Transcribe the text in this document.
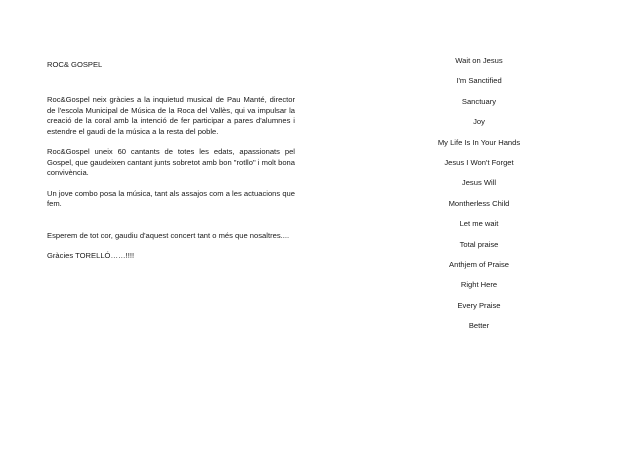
ROC& GOSPEL

Roc&Gospel neix gràcies a la inquietud musical de Pau Manté, director de l'escola Municipal de Música de la Roca del Vallès, qui va impulsar la creació de la coral amb la intenció de fer participar a pares d'alumnes i estendre el gaudi de la música a la resta del poble.

Roc&Gospel uneix 60 cantants de totes les edats, apassionats pel Gospel, que gaudeixen cantant junts sobretot amb bon "rotllo" i molt bona convivència.

Un jove combo posa la música, tant als assajos com a les actuacions que fem.

Esperem de tot cor, gaudiu d'aquest concert tant o més que nosaltres....

Gràcies TORELLÓ……!!!!

Wait on Jesus
I'm Sanctified
Sanctuary
Joy
My Life Is In Your Hands
Jesus I Won't Forget
Jesus Will
Montherless Child
Let me wait
Total praise
Anthjem of Praise
Right Here
Every Praise
Better
